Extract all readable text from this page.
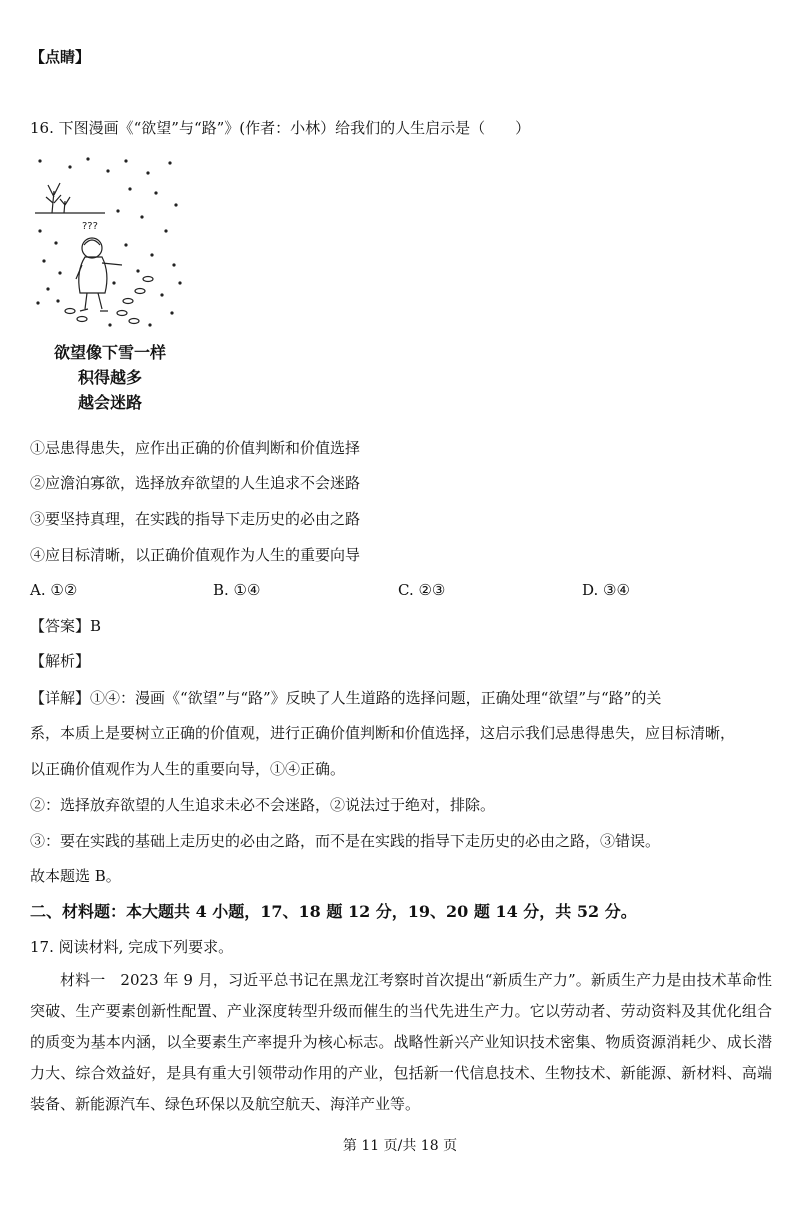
【点睛】
16. 下图漫画《“欲望”与“路”》(作者：小林）给我们的人生启示是（　　）
???
欲望像下雪一样
积得越多
越会迷路
①忌患得患失，应作出正确的价值判断和价值选择
②应澹泊寡欲，选择放弃欲望的人生追求不会迷路
③要坚持真理，在实践的指导下走历史的必由之路
④应目标清晰，以正确价值观作为人生的重要向导
A. ①②	B. ①④	C. ②③	D. ③④
【答案】B
【解析】
【详解】①④：漫画《“欲望”与“路”》反映了人生道路的选择问题，正确处理“欲望”与“路”的关
系，本质上是要树立正确的价值观，进行正确价值判断和价值选择，这启示我们忌患得患失，应目标清晰，
以正确价值观作为人生的重要向导，①④正确。
②：选择放弃欲望的人生追求未必不会迷路，②说法过于绝对，排除。
③：要在实践的基础上走历史的必由之路，而不是在实践的指导下走历史的必由之路，③错误。
故本题选 B。
二、材料题：本大题共 4 小题，17、18 题 12 分，19、20 题 14 分，共 52 分。
17. 阅读材料, 完成下列要求。
材料一　2023 年 9 月，习近平总书记在黑龙江考察时首次提出“新质生产力”。新质生产力是由技术革命性突破、生产要素创新性配置、产业深度转型升级而催生的当代先进生产力。它以劳动者、劳动资料及其优化组合的质变为基本内涵，以全要素生产率提升为核心标志。战略性新兴产业知识技术密集、物质资源消耗少、成长潜力大、综合效益好，是具有重大引领带动作用的产业，包括新一代信息技术、生物技术、新能源、新材料、高端装备、新能源汽车、绿色环保以及航空航天、海洋产业等。
第 11 页/共 18 页
